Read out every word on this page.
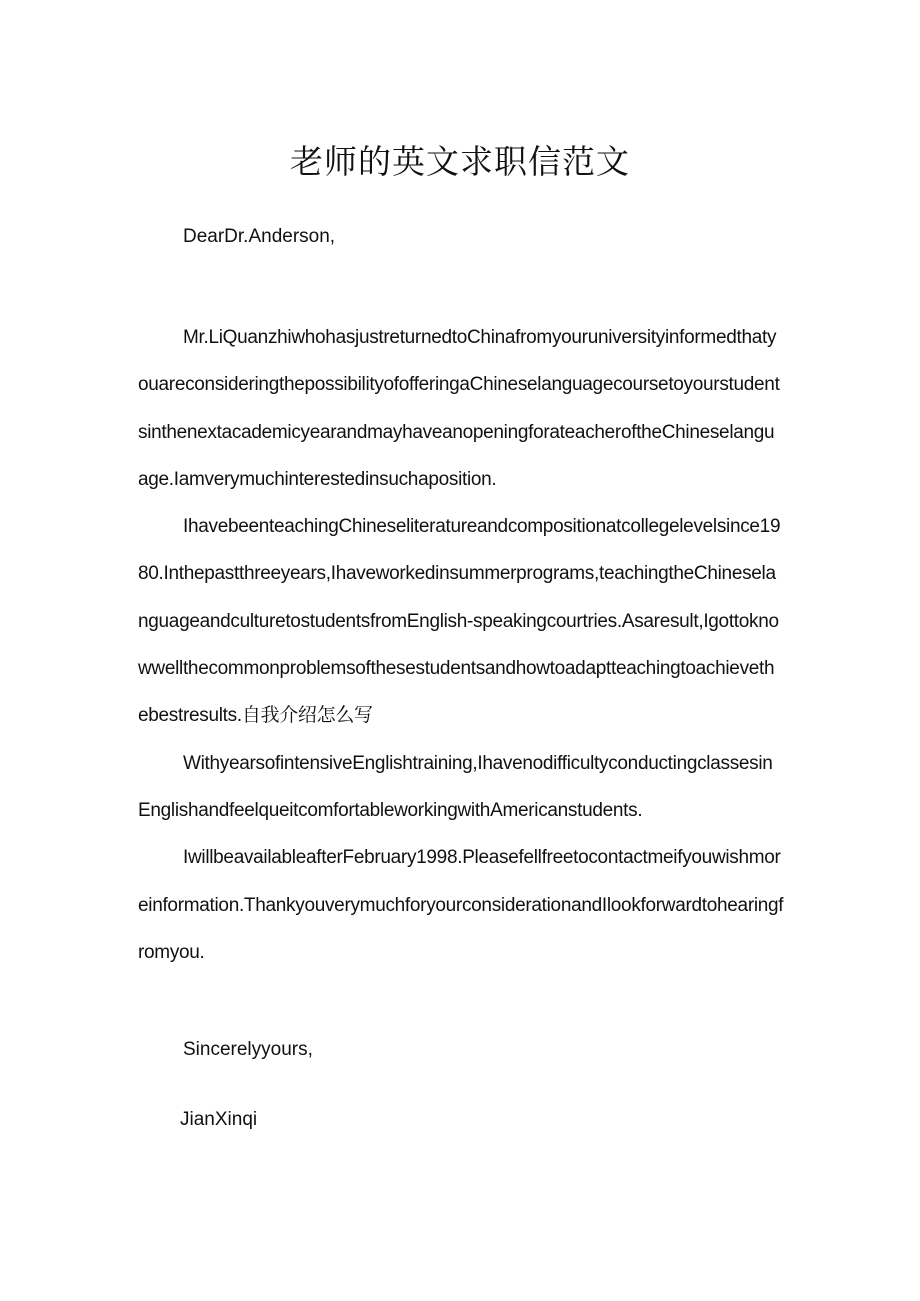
老师的英文求职信范文

DearDr.Anderson,

Mr.LiQuanzhiwhohasjustreturnedtoChinafromyouruniversityinformedthatyouareconsideringthepossibilityofofferingaChineselanguagecoursetoyourstudentsinthenextacademicyearandmayhaveanopeningforateacheroftheChineselanguage.Iamverymuchinterestedinsuchaposition.

IhavebeenteachingChineseliteratureandcompositionatcollegelevelsince1980.Inthepastthreeyears,Ihaveworkedinsummerprograms,teachingtheChineselanguageandculturetostudentsfromEnglish-speakingcourtries.Asaresult,Igottoknowwellthecommonproblemsofthesestudentsandhowtoadaptteachingtoachievethebestresults.自我介绍怎么写

WithyearsofintensiveEnglishtraining,IhavenodifficultyconductingclassesinEnglishandfeelqueitcomfortableworkingwithAmericanstudents.

IwillbeavailableafterFebruary1998.Pleasefellfreetocontactmeifyouwishmoreinformation.ThankyouverymuchforyourconsiderationandIlookforwardtohearingfromyou.

Sincerelyyours,

JianXinqi
